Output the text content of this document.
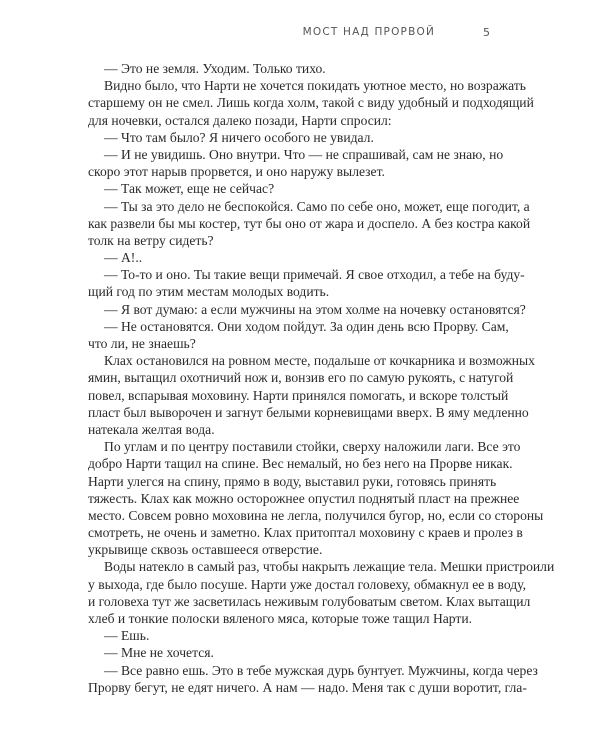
МОСТ НАД ПРОРВОЙ	5
— Это не земля. Уходим. Только тихо.
Видно было, что Нарти не хочется покидать уютное место, но возражать
старшему он не смел. Лишь когда холм, такой с виду удобный и подходящий
для ночевки, остался далеко позади, Нарти спросил:
— Что там было? Я ничего особого не увидал.
— И не увидишь. Оно внутри. Что — не спрашивай, сам не знаю, но
скоро этот нарыв прорвется, и оно наружу вылезет.
— Так может, еще не сейчас?
— Ты за это дело не беспокойся. Само по себе оно, может, еще погодит, а
как развели бы мы костер, тут бы оно от жара и доспело. А без костра какой
толк на ветру сидеть?
— А!..
— То-то и оно. Ты такие вещи примечай. Я свое отходил, а тебе на буду-
щий год по этим местам молодых водить.
— Я вот думаю: а если мужчины на этом холме на ночевку остановятся?
— Не остановятся. Они ходом пойдут. За один день всю Прорву. Сам,
что ли, не знаешь?
Клах остановился на ровном месте, подальше от кочкарника и возможных
ямин, вытащил охотничий нож и, вонзив его по самую рукоять, с натугой
повел, вспарывая моховину. Нарти принялся помогать, и вскоре толстый
пласт был выворочен и загнут белыми корневищами вверх. В яму медленно
натекала желтая вода.
По углам и по центру поставили стойки, сверху наложили лаги. Все это
добро Нарти тащил на спине. Вес немалый, но без него на Прорве никак.
Нарти улегся на спину, прямо в воду, выставил руки, готовясь принять
тяжесть. Клах как можно осторожнее опустил поднятый пласт на прежнее
место. Совсем ровно моховина не легла, получился бугор, но, если со стороны
смотреть, не очень и заметно. Клах притоптал моховину с краев и пролез в
укрывище сквозь оставшееся отверстие.
Воды натекло в самый раз, чтобы накрыть лежащие тела. Мешки пристроили
у выхода, где было посуше. Нарти уже достал головеху, обмакнул ее в воду,
и головеха тут же засветилась неживым голубоватым светом. Клах вытащил
хлеб и тонкие полоски вяленого мяса, которые тоже тащил Нарти.
— Ешь.
— Мне не хочется.
— Все равно ешь. Это в тебе мужская дурь бунтует. Мужчины, когда через
Прорву бегут, не едят ничего. А нам — надо. Меня так с души воротит, гла-
